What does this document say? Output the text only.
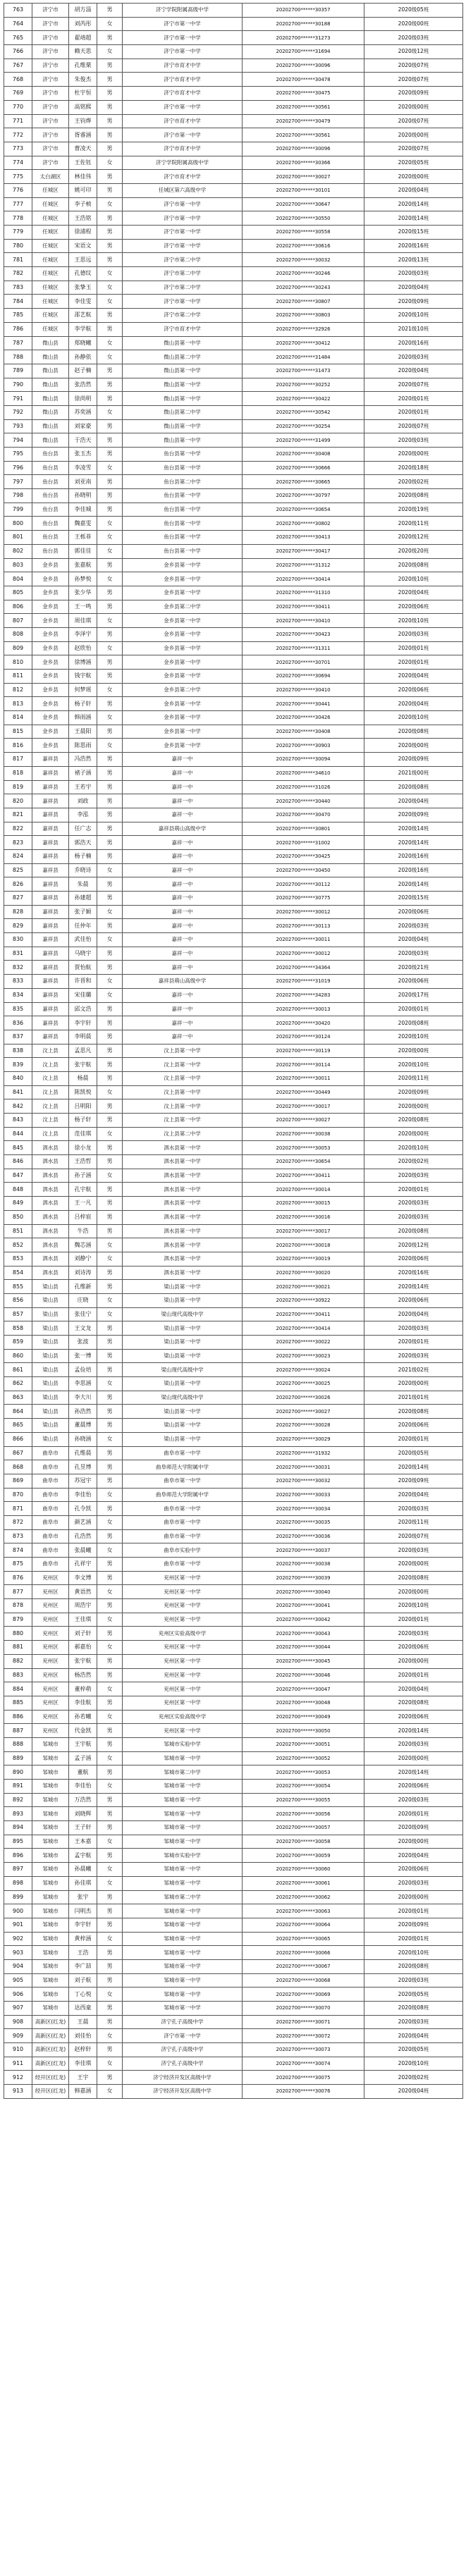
763	济宁市	胡方淄	男	济宁学院附属高级中学	20202700******30357	2020级05班
764	济宁市	刘芮彤	女	济宁市第一中学	20202700******30188	2020级00班
765	济宁市	翟靖超	男	济宁市第一中学	20202700******31273	2020级03班
766	济宁市	赖天思	女	济宁市第一中学	20202700******31694	2020级12班
767	济宁市	孔维栗	男	济宁市育才中学	20202700******30096	2020级07班
768	济宁市	朱俊杰	男	济宁市育才中学	20202700******30478	2020级07班
769	济宁市	杜宇恒	男	济宁市育才中学	20202700******30475	2020级09班
770	济宁市	高铭熙	男	济宁市第一中学	20202700******30561	2020级00班
771	济宁市	王钧烨	男	济宁市育才中学	20202700******30479	2020级07班
772	济宁市	胥睿涵	男	济宁市第一中学	20202700******30561	2020级00班
773	济宁市	曹凌天	男	济宁市育才中学	20202700******30096	2020级07班
774	济宁市	王佐钰	女	济宁学院附属高级中学	20202700******30366	2020级05班
775	太白湖区	林佳伟	男	济宁市育才中学	20202700******30027	2020级00班
776	任城区	姚可印	男	任城区第六高级中学	20202700******30101	2020级04班
777	任城区	李子桢	女	济宁市第一中学	20202700******30647	2020级14班
778	任城区	王浩铭	男	济宁市第一中学	20202700******30550	2020级14班
779	任城区	徐浦程	男	济宁市第一中学	20202700******30558	2020级15班
780	任城区	宋语文	男	济宁市第一中学	20202700******30616	2020级16班
781	任城区	王思远	男	济宁市第二中学	20202700******30032	2020级13班
782	任城区	孔德纹	女	济宁市第二中学	20202700******30246	2020级03班
783	任城区	张挚玉	女	济宁市第二中学	20202700******30243	2020级04班
784	任城区	李佳雯	女	济宁市第一中学	20202700******30807	2020级09班
785	任城区	邵艺航	男	济宁市第二中学	20202700******30803	2020级10班
786	任城区	李学航	男	济宁市育才中学	20202700******32926	2021级10班
787	微山县	郑晓曦	女	微山县第一中学	20202700******30412	2020级16班
788	微山县	孙静依	女	微山县第二中学	20202700******31484	2020级03班
789	微山县	赵子楠	男	微山县第一中学	20202700******31473	2020级04班
790	微山县	张浩然	男	微山县第一中学	20202700******30252	2020级07班
791	微山县	徐尚明	男	微山县第一中学	20202700******30422	2020级01班
792	微山县	苏奕涵	女	微山县第二中学	20202700******30542	2020级01班
793	微山县	刘家豪	男	微山县第一中学	20202700******30254	2020级07班
794	微山县	于浩天	男	微山县第一中学	20202700******31499	2020级03班
795	鱼台县	张玉杰	男	鱼台县第一中学	20202700******30408	2020级00班
796	鱼台县	李凌雪	女	鱼台县第一中学	20202700******30666	2020级18班
797	鱼台县	刘亚南	男	鱼台县第二中学	20202700******30665	2020级02班
798	鱼台县	孙晓明	男	鱼台县第一中学	20202700******30797	2020级08班
799	鱼台县	李佳城	男	鱼台县第一中学	20202700******30654	2020级19班
800	鱼台县	魏嘉雯	女	鱼台县第一中学	20202700******30802	2020级11班
801	鱼台县	王栎菲	女	鱼台县第一中学	20202700******30413	2020级12班
802	鱼台县	郭佳佳	女	鱼台县第一中学	20202700******30417	2020级20班
803	金乡县	张嘉航	男	金乡县第一中学	20202700******31312	2020级08班
804	金乡县	孙梦悦	女	金乡县第一中学	20202700******30414	2020级10班
805	金乡县	张少华	男	金乡县第一中学	20202700******31310	2020级04班
806	金乡县	王一鸣	男	金乡县第二中学	20202700******30411	2020级06班
807	金乡县	周佳琪	女	金乡县第一中学	20202700******30410	2020级10班
808	金乡县	李泽宇	男	金乡县第一中学	20202700******30423	2020级03班
809	金乡县	赵欣怡	女	金乡县第一中学	20202700******31311	2020级01班
810	金乡县	徐博涵	男	金乡县第一中学	20202700******30701	2020级01班
811	金乡县	钱宇航	男	金乡县第一中学	20202700******30694	2020级04班
812	金乡县	何梦瑶	女	金乡县第二中学	20202700******30410	2020级06班
813	金乡县	杨子轩	男	金乡县第一中学	20202700******30441	2020级04班
814	金乡县	韩雨涵	女	金乡县第一中学	20202700******30426	2020级10班
815	金乡县	王晨阳	男	金乡县第一中学	20202700******30408	2020级08班
816	金乡县	陈思雨	女	金乡县第一中学	20202700******30903	2020级00班
817	嘉祥县	冯浩然	男	嘉祥一中	20202700******30094	2020级09班
818	嘉祥县	褚子涵	男	嘉祥一中	20202700******34610	2021级00班
819	嘉祥县	王若宇	男	嘉祥一中	20202700******31026	2020级08班
820	嘉祥县	刘政	男	嘉祥一中	20202700******30440	2020级04班
821	嘉祥县	李泓	男	嘉祥一中	20202700******30470	2020级09班
822	嘉祥县	任广志	男	嘉祥县萌山高级中学	20202700******30801	2020级14班
823	嘉祥县	郭浩天	男	嘉祥一中	20202700******31002	2020级14班
824	嘉祥县	杨子楠	男	嘉祥一中	20202700******30425	2020级16班
825	嘉祥县	乔晓诗	女	嘉祥一中	20202700******30450	2020级16班
826	嘉祥县	朱晨	男	嘉祥一中	20202700******30112	2020级14班
827	嘉祥县	孙建超	男	嘉祥一中	20202700******30775	2020级15班
828	嘉祥县	张子颖	女	嘉祥一中	20202700******30012	2020级06班
829	嘉祥县	任仲年	男	嘉祥一中	20202700******30113	2020级03班
830	嘉祥县	武佳怡	女	嘉祥一中	20202700******30011	2020级04班
831	嘉祥县	马晓宇	男	嘉祥一中	20202700******30012	2020级03班
832	嘉祥县	贾怡航	男	嘉祥一中	20202700******34364	2020级21班
833	嘉祥县	许晋和	女	嘉祥县萌山高级中学	20202700******31019	2020级06班
834	嘉祥县	宋佳璐	女	嘉祥一中	20202700******34283	2020级17班
835	嘉祥县	邱文浩	男	嘉祥一中	20202700******30013	2020级01班
836	嘉祥县	李宇轩	男	嘉祥一中	20202700******30420	2020级08班
837	嘉祥县	李明晨	男	嘉祥一中	20202700******30124	2020级10班
838	汶上县	孟思凡	男	汶上县第一中学	20202700******30119	2020级00班
839	汶上县	张宇航	男	汶上县第一中学	20202700******30114	2020级10班
840	汶上县	杨晨	男	汶上县第一中学	20202700******30011	2020级11班
841	汶上县	陈凯悦	女	汶上县第一中学	20202700******30449	2020级09班
842	汶上县	吕明阳	男	汶上县第一中学	20202700******30017	2020级00班
843	汶上县	杨子轩	男	汶上县第一中学	20202700******30027	2020级08班
844	汶上县	范佳琪	女	汶上县第二中学	20202700******30038	2020级00班
845	泗水县	徐小龙	男	泗水县第一中学	20202700******30053	2020级10班
846	泗水县	王浩哲	男	泗水县第一中学	20202700******30654	2020级02班
847	泗水县	孙子涵	女	泗水县第一中学	20202700******30411	2020级03班
848	泗水县	孔宇航	男	泗水县第一中学	20202700******30014	2020级01班
849	泗水县	王一凡	男	泗水县第一中学	20202700******30015	2020级03班
850	泗水县	吕梓宸	男	泗水县第一中学	20202700******30016	2020级03班
851	泗水县	牛浩	男	泗水县第一中学	20202700******30017	2020级08班
852	泗水县	魏芯涵	女	泗水县第一中学	20202700******30018	2020级12班
853	泗水县	刘静宁	女	泗水县第一中学	20202700******30019	2020级06班
854	泗水县	刘诗涛	男	泗水县第一中学	20202700******30020	2020级16班
855	梁山县	孔维新	男	梁山县第一中学	20202700******30021	2020级14班
856	梁山县	庄晓	女	梁山县第一中学	20202700******30922	2020级06班
857	梁山县	张佳宁	女	梁山现代高级中学	20202700******30411	2020级04班
858	梁山县	王文龙	男	梁山县第一中学	20202700******30414	2020级03班
859	梁山县	张波	男	梁山县第一中学	20202700******30022	2020级01班
860	梁山县	张一博	男	梁山县第一中学	20202700******30023	2020级03班
861	梁山县	孟俭培	男	梁山现代高级中学	20202700******30024	2021级02班
862	梁山县	李思涵	女	梁山县第一中学	20202700******30025	2020级00班
863	梁山县	李大川	男	梁山现代高级中学	20202700******30026	2021级01班
864	梁山县	孙浩然	男	梁山县第一中学	20202700******30027	2020级08班
865	梁山县	董晨博	男	梁山县第一中学	20202700******30028	2020级06班
866	梁山县	孙晓涵	女	梁山县第一中学	20202700******30029	2020级01班
867	曲阜市	孔维晨	男	曲阜市第一中学	20202700******31932	2020级05班
868	曲阜市	孔昱博	男	曲阜师范大学附属中学	20202700******30031	2020级14班
869	曲阜市	苏冠宇	男	曲阜市第一中学	20202700******30032	2020级09班
870	曲阜市	李佳怡	女	曲阜师范大学附属中学	20202700******30033	2020级04班
871	曲阜市	孔令凯	男	曲阜市第一中学	20202700******30034	2020级03班
872	曲阜市	颜艺涵	女	曲阜市第一中学	20202700******30035	2020级11班
873	曲阜市	孔浩然	男	曲阜市第一中学	20202700******30036	2020级07班
874	曲阜市	张晨曦	女	曲阜市实验中学	20202700******30037	2020级03班
875	曲阜市	孔祥宇	男	曲阜市第一中学	20202700******30038	2020级00班
876	兖州区	李文博	男	兖州区第一中学	20202700******30039	2020级08班
877	兖州区	黄语然	女	兖州区第一中学	20202700******30040	2020级00班
878	兖州区	周浩宇	男	兖州区第一中学	20202700******30041	2020级10班
879	兖州区	王佳琪	女	兖州区第一中学	20202700******30042	2020级01班
880	兖州区	刘子轩	男	兖州区实验高级中学	20202700******30043	2020级03班
881	兖州区	郝嘉怡	女	兖州区第一中学	20202700******30044	2020级06班
882	兖州区	张宇航	男	兖州区第一中学	20202700******30045	2020级00班
883	兖州区	杨浩然	男	兖州区第一中学	20202700******30046	2020级01班
884	兖州区	董梓萌	女	兖州区第一中学	20202700******30047	2020级04班
885	兖州区	李佳航	男	兖州区第一中学	20202700******30048	2020级08班
886	兖州区	孙若曦	女	兖州区实验高级中学	20202700******30049	2020级06班
887	兖州区	代金凯	男	兖州区第一中学	20202700******30050	2020级14班
888	邹城市	王宇航	男	邹城市实验中学	20202700******30051	2020级03班
889	邹城市	孟子涵	女	邹城市第一中学	20202700******30052	2020级00班
890	邹城市	董航	男	邹城市第二中学	20202700******30053	2020级14班
891	邹城市	李佳怡	女	邹城市第一中学	20202700******30054	2020级06班
892	邹城市	万浩然	男	邹城市第一中学	20202700******30055	2020级03班
893	邹城市	刘晓辉	男	邹城市第一中学	20202700******30056	2020级01班
894	邹城市	王子轩	男	邹城市第一中学	20202700******30057	2020级09班
895	邹城市	王本嘉	女	邹城市第一中学	20202700******30058	2020级00班
896	邹城市	孟宇航	男	邹城市实验中学	20202700******30059	2020级04班
897	邹城市	孙晨曦	女	邹城市第一中学	20202700******30060	2020级06班
898	邹城市	孙佳琪	女	邹城市第一中学	20202700******30061	2020级03班
899	邹城市	张宇	男	邹城市第二中学	20202700******30062	2020级00班
900	邹城市	闫明杰	男	邹城市第一中学	20202700******30063	2020级01班
901	邹城市	李宇轩	男	邹城市第一中学	20202700******30064	2020级09班
902	邹城市	黄梓涵	女	邹城市第一中学	20202700******30065	2020级01班
903	邹城市	王浩	男	邹城市第一中学	20202700******30066	2020级10班
904	邹城市	李广喆	男	邹城市第一中学	20202700******30067	2020级08班
905	邹城市	刘子航	男	邹城市第一中学	20202700******30068	2020级03班
906	邹城市	丁心悦	女	邹城市第一中学	20202700******30069	2020级05班
907	邹城市	达西童	男	邹城市第一中学	20202700******30070	2020级08班
908	高新区(红龙)	王晨	男	济宁孔子高级中学	20202700******30071	2020级03班
909	高新区(红龙)	刘佳怡	女	济宁市第一中学	20202700******30072	2020级04班
910	高新区(红龙)	赵梓轩	男	济宁孔子高级中学	20202700******30073	2020级05班
911	高新区(红龙)	李佳琪	女	济宁孔子高级中学	20202700******30074	2020级10班
912	经开区(红龙)	王宇	男	济宁经济开发区高级中学	20202700******30075	2020级02班
913	经开区(红龙)	韩嘉涵	女	济宁经济开发区高级中学	20202700******30076	2020级04班
